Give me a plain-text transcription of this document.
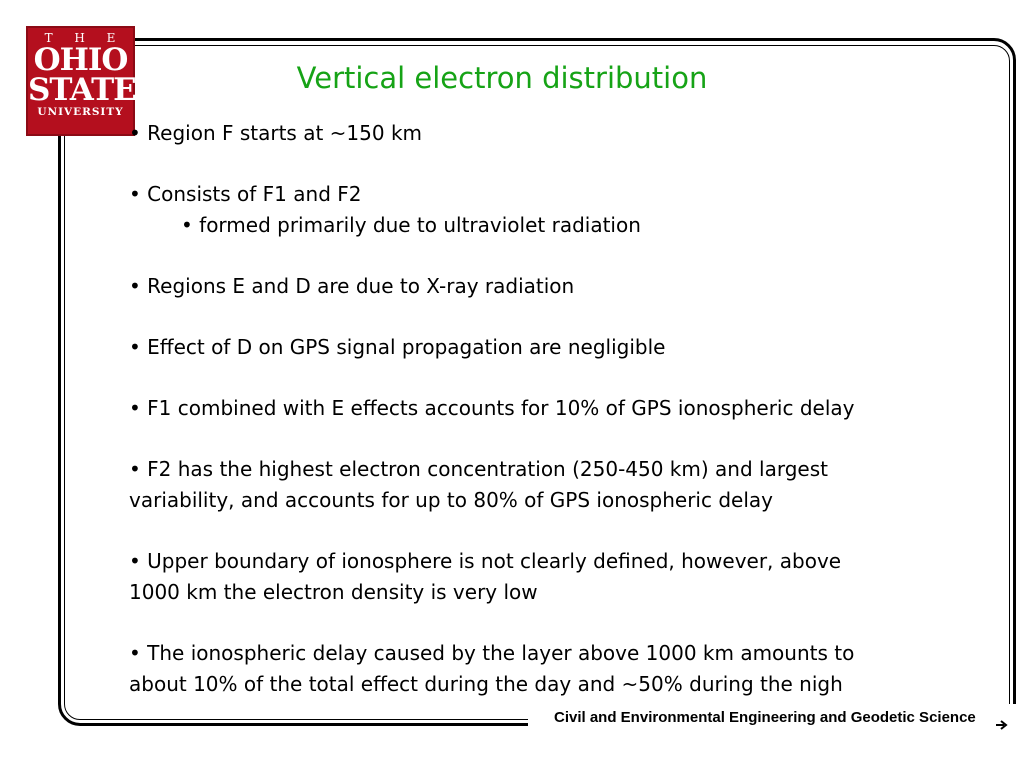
T H E
OHIO
STATE
UNIVERSITY
Vertical electron distribution

• Region F starts at ~150 km

• Consists of F1 and F2

• formed primarily due to ultraviolet radiation

• Regions E and D are due to X-ray radiation

• Effect of D on GPS signal propagation are negligible

• F1 combined with E effects accounts for 10% of GPS ionospheric delay

• F2 has the highest electron concentration (250-450 km) and largest

variability, and accounts for up to 80% of GPS ionospheric delay

• Upper boundary of ionosphere is not clearly defined, however, above

1000 km the electron density is very low

• The ionospheric delay caused by the layer above 1000 km amounts to

about 10% of the total effect during the day and ~50% during the nigh

Civil and Environmental Engineering and Geodetic Science
